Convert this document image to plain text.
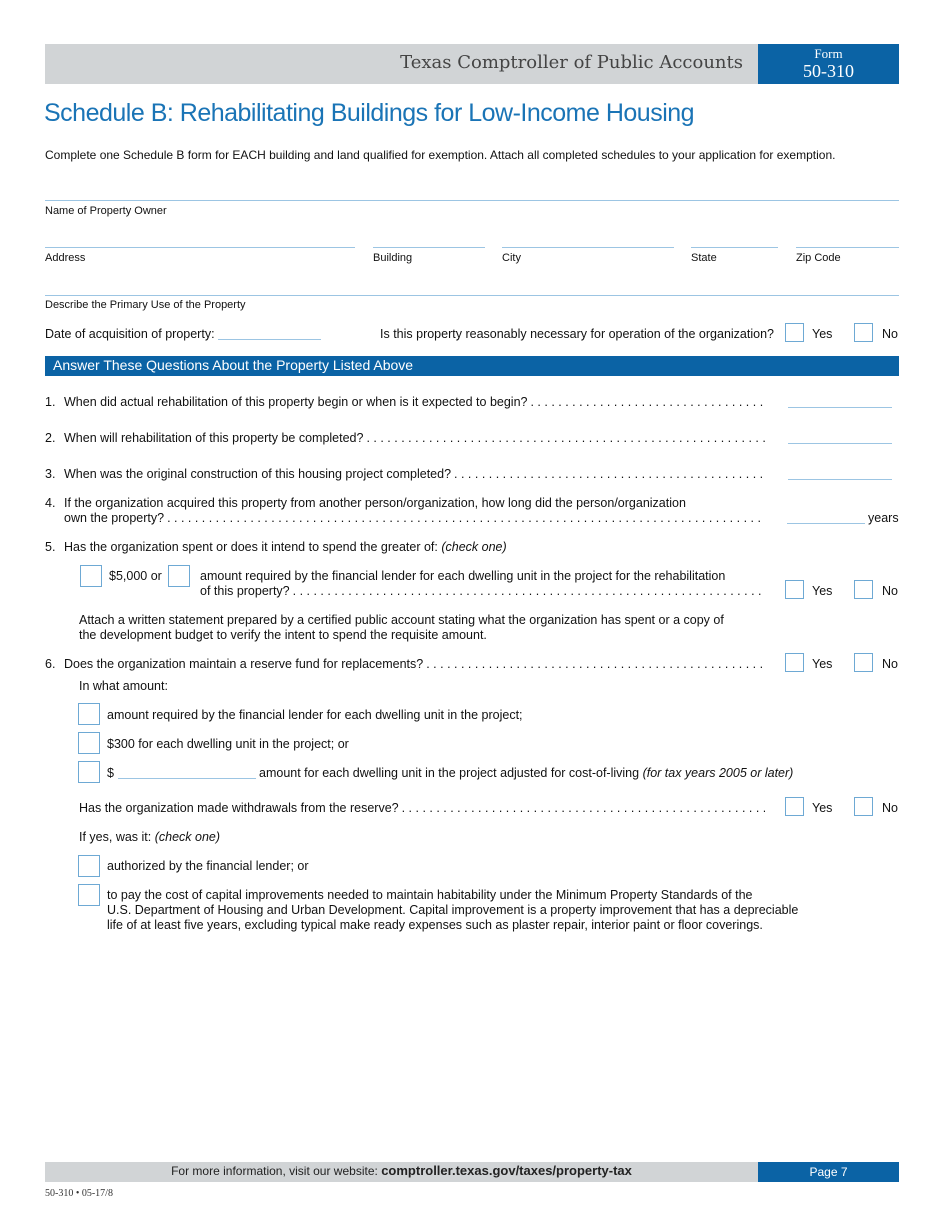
Texas Comptroller of Public Accounts	Form
50-310
Schedule B: Rehabilitating Buildings for Low-Income Housing
Complete one Schedule B form for EACH building and land qualified for exemption. Attach all completed schedules to your application for exemption.
Name of Property Owner
Address	Building	City	State	Zip Code
Describe the Primary Use of the Property
Date of acquisition of property:	Is this property reasonably necessary for operation of the organization?	Yes	No
Answer These Questions About the Property Listed Above
1. When did actual rehabilitation of this property begin or when is it expected to begin?
. . .
2. When will rehabilitation of this property be completed?
. . .
3. When was the original construction of this housing project completed?
. . .
4. If the organization acquired this property from another person/organization, how long did the person/organization
own the property? . . .	years
5. Has the organization spent or does it intend to spend the greater of: (check one)
$5,000 or	amount required by the financial lender for each dwelling unit in the project for the rehabilitation
of this property? . . .	Yes	No
Attach a written statement prepared by a certified public account stating what the organization has spent or a copy of
the development budget to verify the intent to spend the requisite amount.
6. Does the organization maintain a reserve fund for replacements? . . .	Yes	No
In what amount:
amount required by the financial lender for each dwelling unit in the project;
$300 for each dwelling unit in the project; or
$	amount for each dwelling unit in the project adjusted for cost-of-living (for tax years 2005 or later)
Has the organization made withdrawals from the reserve? . . .	Yes	No
If yes, was it: (check one)
authorized by the financial lender; or
to pay the cost of capital improvements needed to maintain habitability under the Minimum Property Standards of the
U.S. Department of Housing and Urban Development. Capital improvement is a property improvement that has a depreciable
life of at least five years, excluding typical make ready expenses such as plaster repair, interior paint or floor coverings.
For more information, visit our website: comptroller.texas.gov/taxes/property-tax	Page 7
50-310 • 05-17/8
